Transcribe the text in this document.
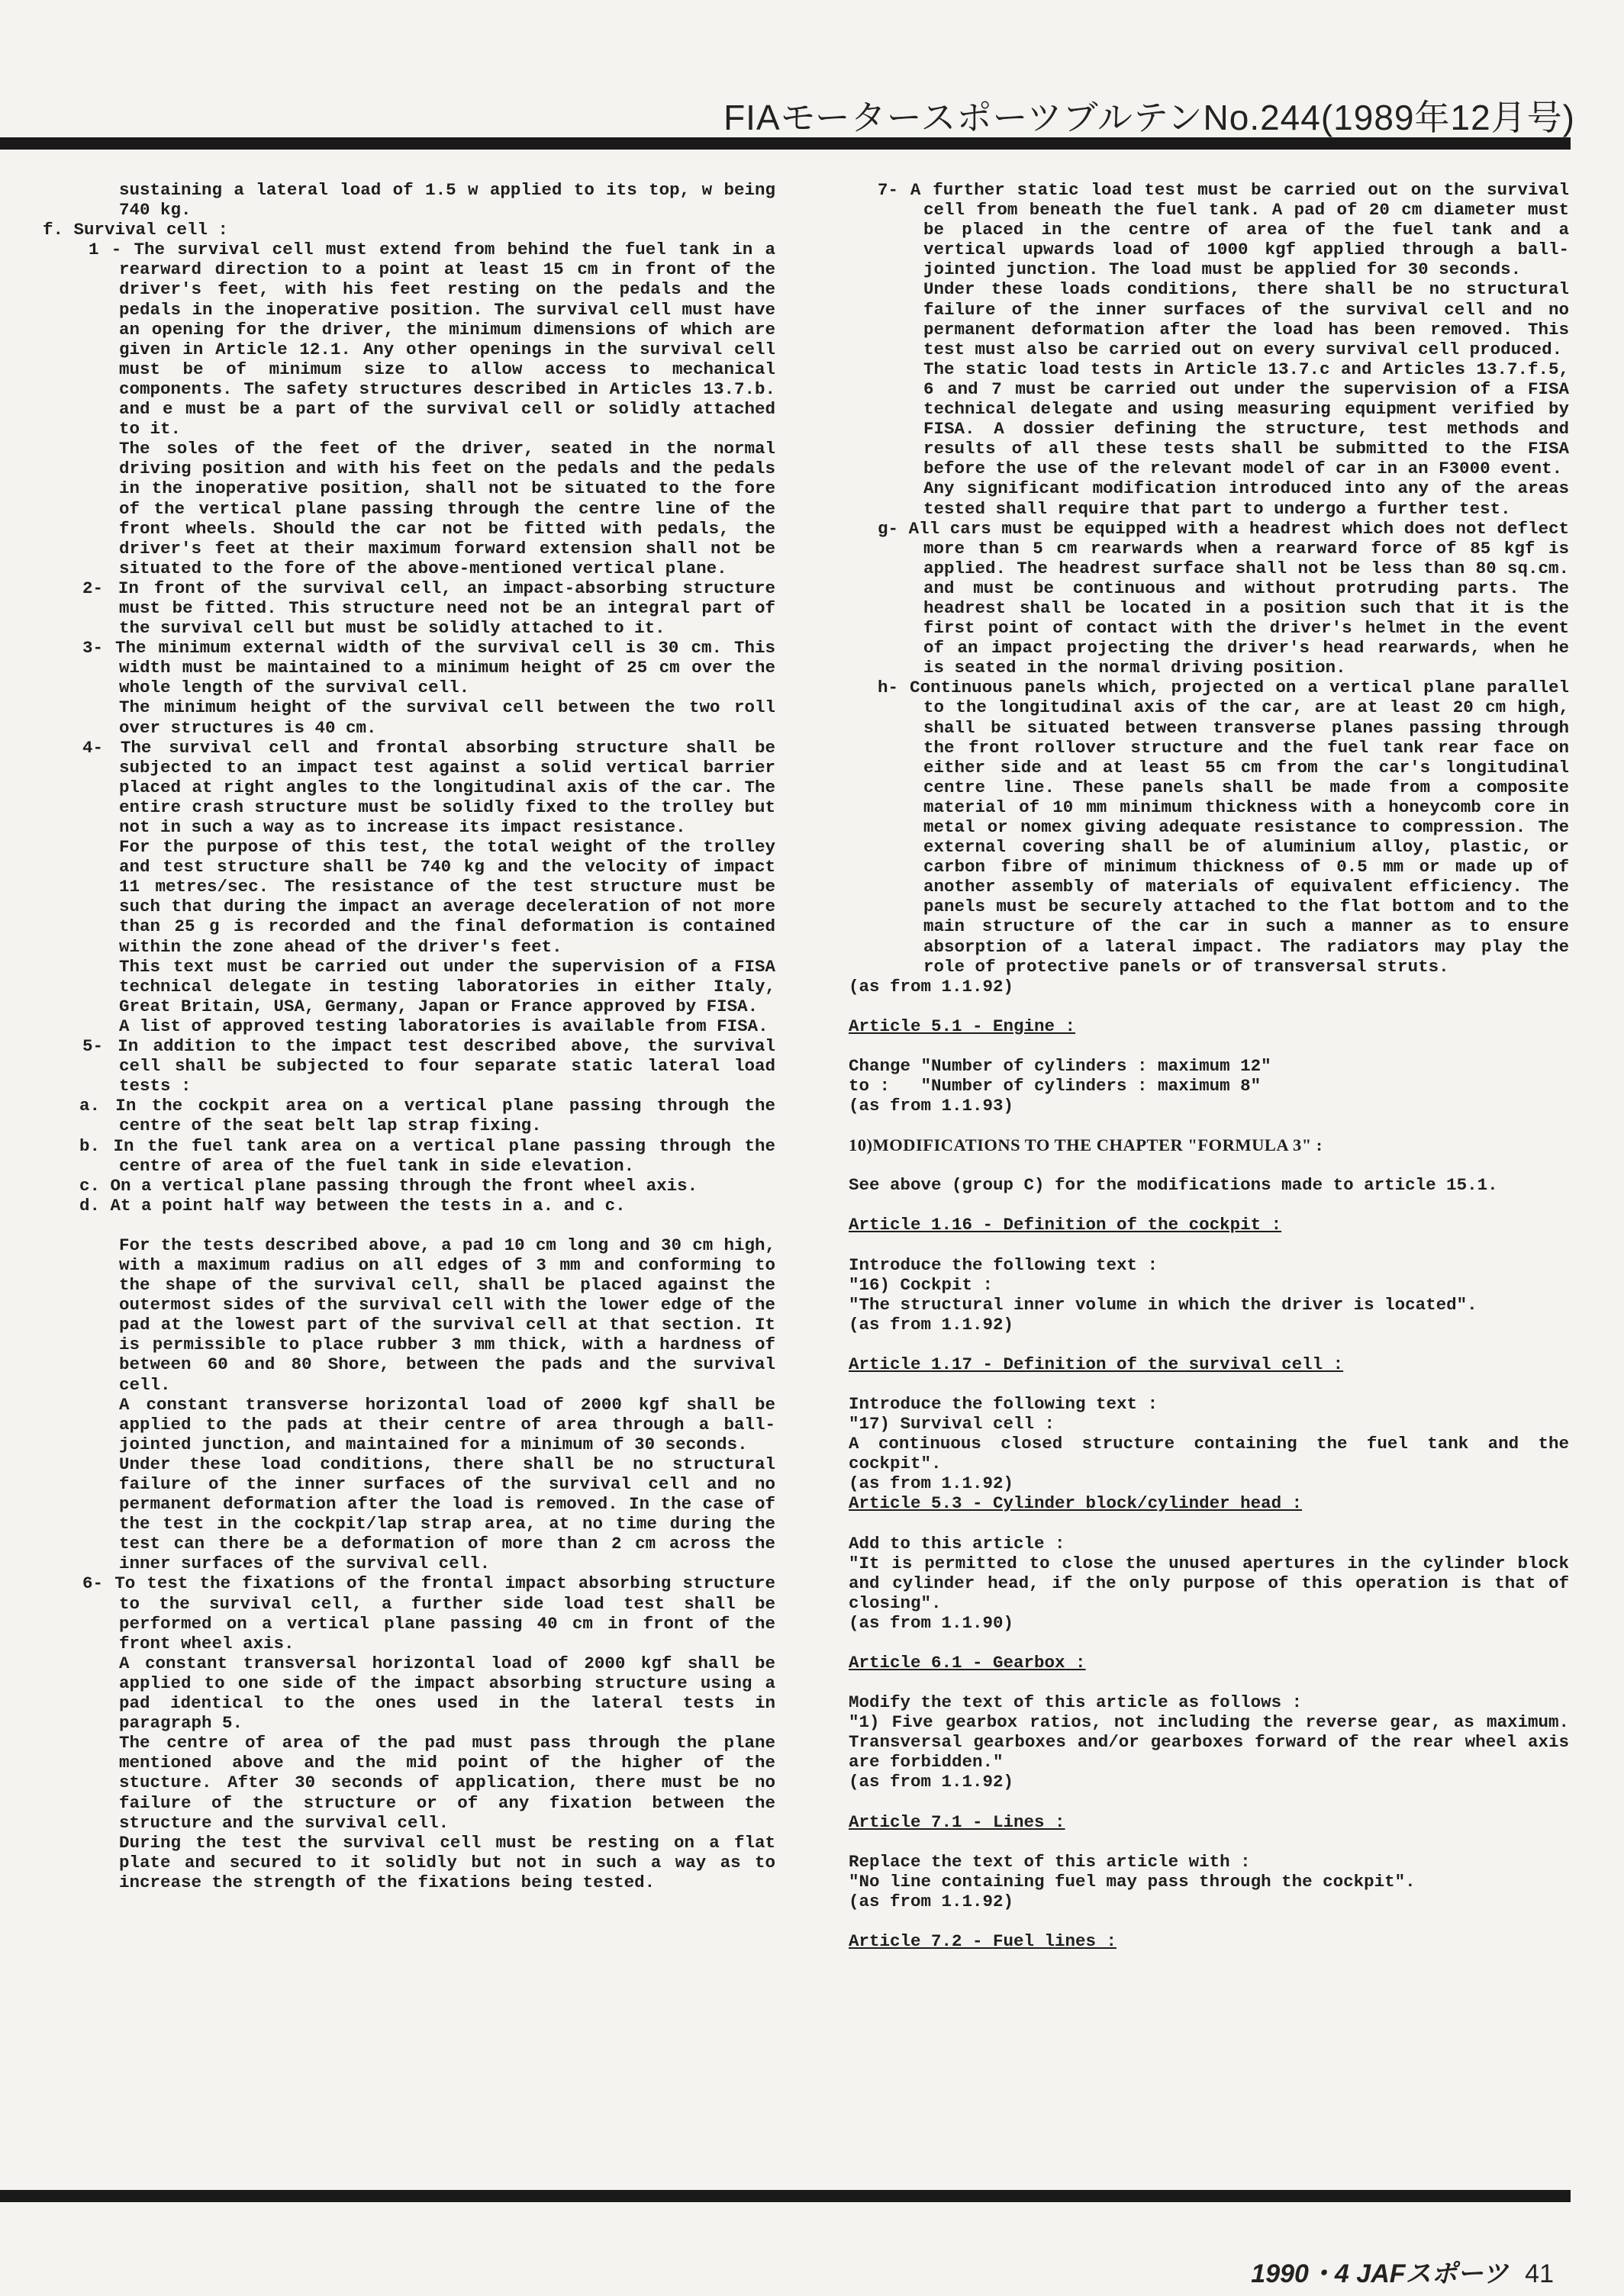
FIAモータースポーツブルテンNo.244(1989年12月号)

sustaining a lateral load of 1.5 w applied to its top, w being 740 kg.

f. Survival cell :

1 - The survival cell must extend from behind the fuel tank in a rearward direction to a point at least 15 cm in front of the driver's feet, with his feet resting on the pedals and the pedals in the inoperative position. The survival cell must have an opening for the driver, the minimum dimensions of which are given in Article 12.1. Any other openings in the survival cell must be of minimum size to allow access to mechanical components. The safety structures described in Articles 13.7.b. and e must be a part of the survival cell or solidly attached to it.

The soles of the feet of the driver, seated in the normal driving position and with his feet on the pedals and the pedals in the inoperative position, shall not be situated to the fore of the vertical plane passing through the centre line of the front wheels. Should the car not be fitted with pedals, the driver's feet at their maximum forward extension shall not be situated to the fore of the above-mentioned vertical plane.

2- In front of the survival cell, an impact-absorbing structure must be fitted. This structure need not be an integral part of the survival cell but must be solidly attached to it.

3- The minimum external width of the survival cell is 30 cm. This width must be maintained to a minimum height of 25 cm over the whole length of the survival cell.

The minimum height of the survival cell between the two roll over structures is 40 cm.

4- The survival cell and frontal absorbing structure shall be subjected to an impact test against a solid vertical barrier placed at right angles to the longitudinal axis of the car. The entire crash structure must be solidly fixed to the trolley but not in such a way as to increase its impact resistance.

For the purpose of this test, the total weight of the trolley and test structure shall be 740 kg and the velocity of impact 11 metres/sec. The resistance of the test structure must be such that during the impact an average deceleration of not more than 25 g is recorded and the final deformation is contained within the zone ahead of the driver's feet.

This text must be carried out under the supervision of a FISA technical delegate in testing laboratories in either Italy, Great Britain, USA, Germany, Japan or France approved by FISA.

A list of approved testing laboratories is available from FISA.

5- In addition to the impact test described above, the survival cell shall be subjected to four separate static lateral load tests :

a. In the cockpit area on a vertical plane passing through the centre of the seat belt lap strap fixing.

b. In the fuel tank area on a vertical plane passing through the centre of area of the fuel tank in side elevation.

c. On a vertical plane passing through the front wheel axis.

d. At a point half way between the tests in a. and c.

For the tests described above, a pad 10 cm long and 30 cm high, with a maximum radius on all edges of 3 mm and conforming to the shape of the survival cell, shall be placed against the outermost sides of the survival cell with the lower edge of the pad at the lowest part of the survival cell at that section. It is permissible to place rubber 3 mm thick, with a hardness of between 60 and 80 Shore, between the pads and the survival cell.

A constant transverse horizontal load of 2000 kgf shall be applied to the pads at their centre of area through a ball-jointed junction, and maintained for a minimum of 30 seconds.

Under these load conditions, there shall be no structural failure of the inner surfaces of the survival cell and no permanent deformation after the load is removed. In the case of the test in the cockpit/lap strap area, at no time during the test can there be a deformation of more than 2 cm across the inner surfaces of the survival cell.

6- To test the fixations of the frontal impact absorbing structure to the survival cell, a further side load test shall be performed on a vertical plane passing 40 cm in front of the front wheel axis.

A constant transversal horizontal load of 2000 kgf shall be applied to one side of the impact absorbing structure using a pad identical to the ones used in the lateral tests in paragraph 5.

The centre of area of the pad must pass through the plane mentioned above and the mid point of the higher of the stucture. After 30 seconds of application, there must be no failure of the structure or of any fixation between the structure and the survival cell.

During the test the survival cell must be resting on a flat plate and secured to it solidly but not in such a way as to increase the strength of the fixations being tested.

7- A further static load test must be carried out on the survival cell from beneath the fuel tank. A pad of 20 cm diameter must be placed in the centre of area of the fuel tank and a vertical upwards load of 1000 kgf applied through a ball-jointed junction. The load must be applied for 30 seconds.

Under these loads conditions, there shall be no structural failure of the inner surfaces of the survival cell and no permanent deformation after the load has been removed. This test must also be carried out on every survival cell produced.

The static load tests in Article 13.7.c and Articles 13.7.f.5, 6 and 7 must be carried out under the supervision of a FISA technical delegate and using measuring equipment verified by FISA. A dossier defining the structure, test methods and results of all these tests shall be submitted to the FISA before the use of the relevant model of car in an F3000 event.

Any significant modification introduced into any of the areas tested shall require that part to undergo a further test.

g- All cars must be equipped with a headrest which does not deflect more than 5 cm rearwards when a rearward force of 85 kgf is applied. The headrest surface shall not be less than 80 sq.cm. and must be continuous and without protruding parts. The headrest shall be located in a position such that it is the first point of contact with the driver's helmet in the event of an impact projecting the driver's head rearwards, when he is seated in the normal driving position.

h- Continuous panels which, projected on a vertical plane parallel to the longitudinal axis of the car, are at least 20 cm high, shall be situated between transverse planes passing through the front rollover structure and the fuel tank rear face on either side and at least 55 cm from the car's longitudinal centre line. These panels shall be made from a composite material of 10 mm minimum thickness with a honeycomb core in metal or nomex giving adequate resistance to compression. The external covering shall be of aluminium alloy, plastic, or carbon fibre of minimum thickness of 0.5 mm or made up of another assembly of materials of equivalent efficiency. The panels must be securely attached to the flat bottom and to the main structure of the car in such a manner as to ensure absorption of a lateral impact. The radiators may play the role of protective panels or of transversal struts.

(as from 1.1.92)

Article 5.1 - Engine :

Change "Number of cylinders : maximum 12"

to :   "Number of cylinders : maximum 8"

(as from 1.1.93)

10)MODIFICATIONS TO THE CHAPTER "FORMULA 3" :

See above (group C) for the modifications made to article 15.1.

Article 1.16 - Definition of the cockpit :

Introduce the following text :

"16) Cockpit :

"The structural inner volume in which the driver is located".

(as from 1.1.92)

Article 1.17 - Definition of the survival cell :

Introduce the following text :

"17) Survival cell :

A continuous closed structure containing the fuel tank and the cockpit".

(as from 1.1.92)

Article 5.3 - Cylinder block/cylinder head :

Add to this article :

"It is permitted to close the unused apertures in the cylinder block and cylinder head, if the only purpose of this operation is that of closing".

(as from 1.1.90)

Article 6.1 - Gearbox :

Modify the text of this article as follows :

"1) Five gearbox ratios, not including the reverse gear, as maximum. Transversal gearboxes and/or gearboxes forward of the rear wheel axis are forbidden."

(as from 1.1.92)

Article 7.1 - Lines :

Replace the text of this article with :

"No line containing fuel may pass through the cockpit".

(as from 1.1.92)

Article 7.2 - Fuel lines :

1990・4 JAFスポーツ 41
